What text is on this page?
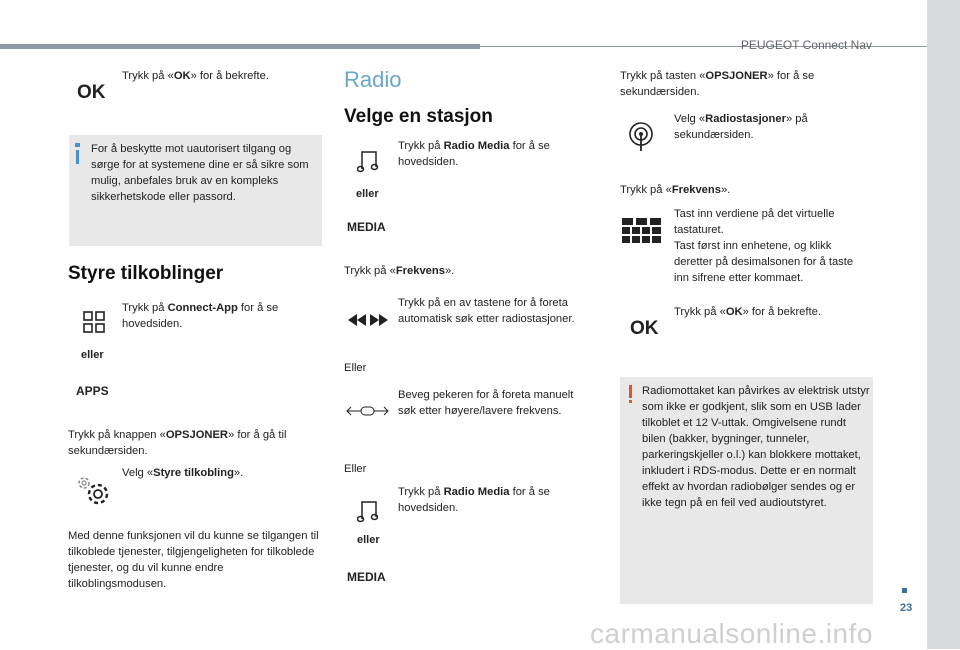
PEUGEOT Connect Nav
23
OK
Trykk på «OK» for å bekrefte.
For å beskytte mot uautorisert tilgang og sørge for at systemene dine er så sikre som mulig, anbefales bruk av en kompleks sikkerhetskode eller passord.
Styre tilkoblinger
eller
APPS
Trykk på Connect-App for å se hovedsiden.
Trykk på knappen «OPSJONER» for å gå til sekundærsiden.
Velg «Styre tilkobling».
Med denne funksjonen vil du kunne se tilgangen til tilkoblede tjenester, tilgjengeligheten for tilkoblede tjenester, og du vil kunne endre tilkoblingsmodusen.
Radio
Velge en stasjon
eller
MEDIA
Trykk på Radio Media for å se hovedsiden.
Trykk på «Frekvens».
Trykk på en av tastene for å foreta automatisk søk etter radiostasjoner.
Eller
Beveg pekeren for å foreta manuelt søk etter høyere/lavere frekvens.
Eller
eller
MEDIA
Trykk på Radio Media for å se hovedsiden.
Trykk på tasten «OPSJONER» for å se sekundærsiden.
Velg «Radiostasjoner» på sekundærsiden.
Trykk på «Frekvens».
Tast inn verdiene på det virtuelle tastaturet.
Tast først inn enhetene, og klikk deretter på desimalsonen for å taste inn sifrene etter kommaet.
OK
Trykk på «OK» for å bekrefte.
Radiomottaket kan påvirkes av elektrisk utstyr som ikke er godkjent, slik som en USB lader tilkoblet et 12 V-uttak. Omgivelsene rundt bilen (bakker, bygninger, tunneler, parkeringskjeller o.l.) kan blokkere mottaket, inkludert i RDS-modus. Dette er en normalt effekt av hvordan radiobølger sendes og er ikke tegn på en feil ved audioutstyret.
carmanualsonline.info
